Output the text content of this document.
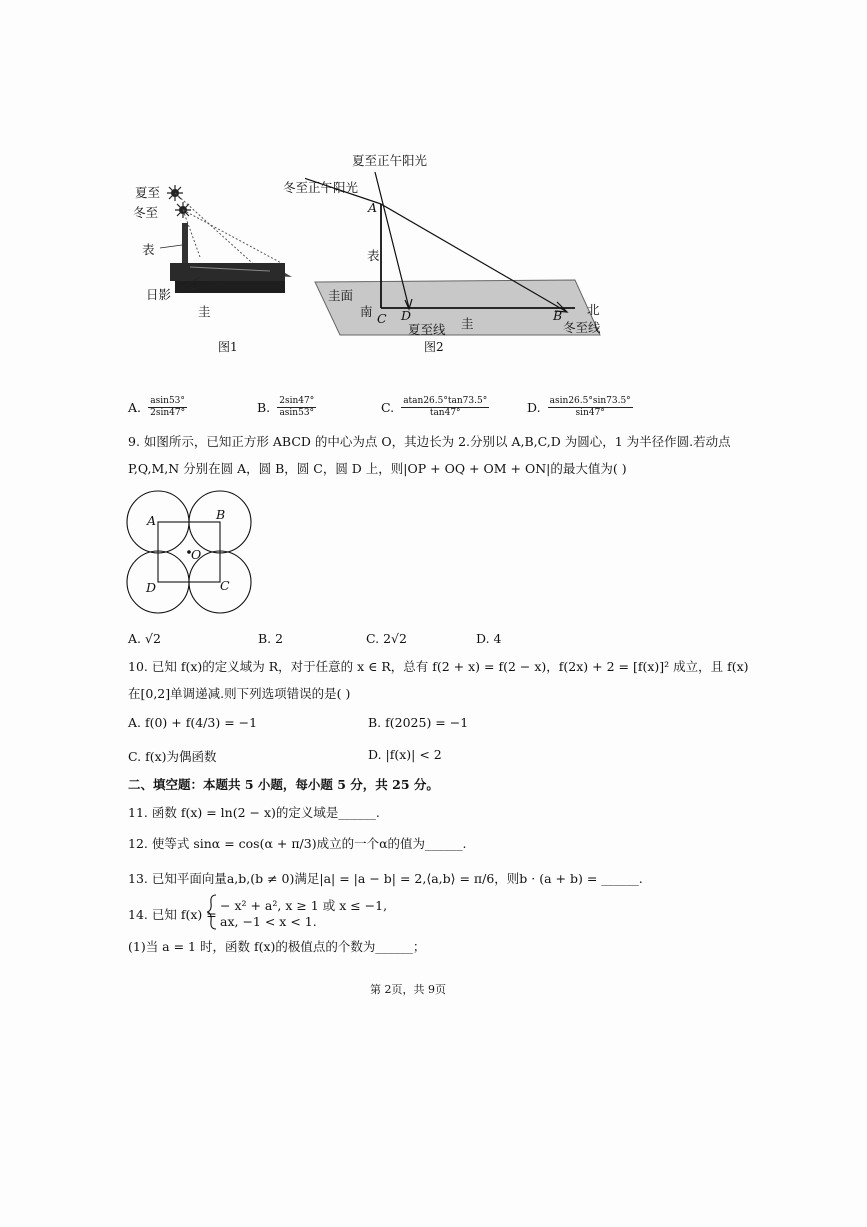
夏至
冬至
表
日影
圭
图1
夏至正午阳光
冬至正午阳光
A
表
圭面
南	北
C D	B
夏至线 圭	冬至线
图2
A. $\frac{asin53^\circ}{2\sin 47^\circ}$	B. $\frac{2\sin 47^\circ}{asin53^\circ}$	C. $\frac{atan26.5^\circ\tan 73.5^\circ}{\tan 47^\circ}$	D. $\frac{asin26.5^\circ\sin 73.5^\circ}{\sin 47^\circ}$
9. 如图所示，已知正方形 ABCD 的中心为点 O，其边长为 2.分别以 A,B,C,D 为圆心，1 为半径作圆.若动点
P,Q,M,N 分别在圆 A，圆 B，圆 C，圆 D 上，则|OP + OQ + OM + ON|的最大值为( )
A	B
C
D
O
A. √2	B. 2	C. 2√2	D. 4
10. 已知 f(x)的定义域为 R，对于任意的 x ∈ R，总有 f(2 + x) = f(2 − x)，f(2x) + 2 = [f(x)]² 成立，且 f(x)
在[0,2]单调递减.则下列选项错误的是( )
A. f(0) + f(4/3) = −1	B. f(2025) = −1
C. f(x)为偶函数	D. |f(x)| < 2
二、填空题：本题共 5 小题，每小题 5 分，共 25 分。
11. 函数 f(x) = ln(2 − x)的定义域是______.
12. 使等式 sinα = cos(α + π/3)成立的一个α的值为______.
13. 已知平面向量a,b,(b ≠ 0)满足|a| = |a − b| = 2,⟨a,b⟩ = π/6，则b · (a + b) = ______.
14. 已知 f(x) =
− x² + a², x ≥ 1 或 x ≤ −1,
ax, −1 < x < 1.
(1)当 a = 1 时，函数 f(x)的极值点的个数为______；
第 2页，共 9页
